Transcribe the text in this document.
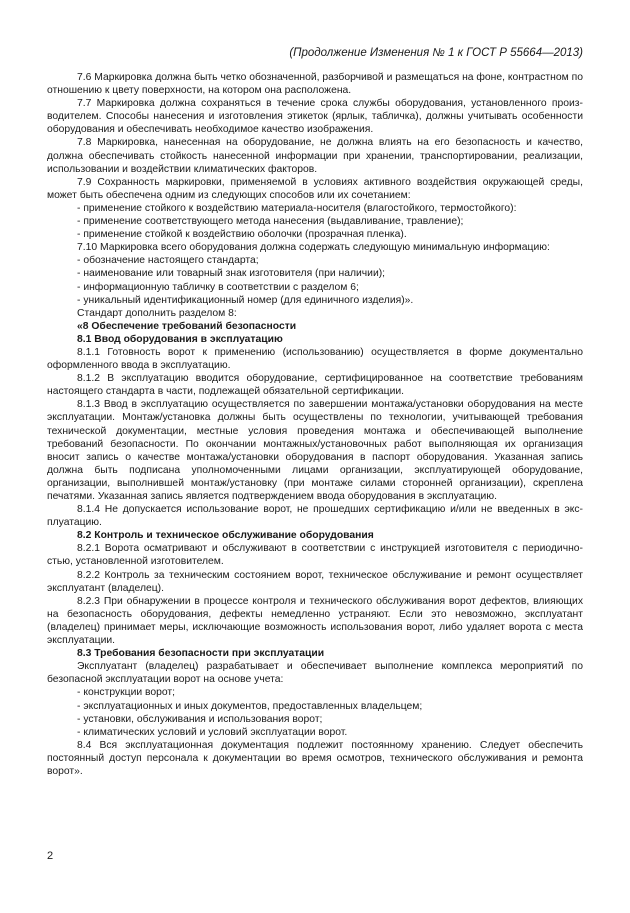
(Продолжение Изменения № 1 к ГОСТ Р 55664—2013)

7.6 Маркировка должна быть четко обозначенной, разборчивой и размещаться на фоне, контрастном по отношению к цвету поверхности, на котором она расположена.

7.7 Маркировка должна сохраняться в течение срока службы оборудования, установленного производителем. Способы нанесения и изготовления этикеток (ярлык, табличка), должны учитывать особенности оборудования и обеспечивать необходимое качество изображения.

7.8 Маркировка, нанесенная на оборудование, не должна влиять на его безопасность и качество, должна обеспечивать стойкость нанесенной информации при хранении, транспортировании, реализации, использовании и воздействии климатических факторов.

7.9 Сохранность маркировки, применяемой в условиях активного воздействия окружающей среды, может быть обеспечена одним из следующих способов или их сочетанием:

- применение стойкого к воздействию материала-носителя (влагостойкого, термостойкого):

- применение соответствующего метода нанесения (выдавливание, травление);

- применение стойкой к воздействию оболочки (прозрачная пленка).

7.10 Маркировка всего оборудования должна содержать следующую минимальную информацию:

- обозначение настоящего стандарта;

- наименование или товарный знак изготовителя (при наличии);

- информационную табличку в соответствии с разделом 6;

- уникальный идентификационный номер (для единичного изделия)».

Стандарт дополнить разделом 8:

«8 Обеспечение требований безопасности

8.1 Ввод оборудования в эксплуатацию

8.1.1 Готовность ворот к применению (использованию) осуществляется в форме документально оформленного ввода в эксплуатацию.

8.1.2 В эксплуатацию вводится оборудование, сертифицированное на соответствие требованиям настоящего стандарта в части, подлежащей обязательной сертификации.

8.1.3 Ввод в эксплуатацию осуществляется по завершении монтажа/установки оборудования на месте эксплуатации. Монтаж/установка должны быть осуществлены по технологии, учитывающей требования технической документации, местные условия проведения монтажа и обеспечивающей выполнение требований безопасности. По окончании монтажных/установочных работ выполняющая их организация вносит запись о качестве монтажа/установки оборудования в паспорт оборудования. Указанная запись должна быть подписана уполномоченными лицами организации, эксплуатирующей оборудование, организации, выполнившей монтаж/установку (при монтаже силами сторонней организации), скреплена печатями. Указанная запись является подтверждением ввода оборудования в эксплуатацию.

8.1.4 Не допускается использование ворот, не прошедших сертификацию и/или не введенных в эксплуатацию.

8.2 Контроль и техническое обслуживание оборудования

8.2.1 Ворота осматривают и обслуживают в соответствии с инструкцией изготовителя с периодичностью, установленной изготовителем.

8.2.2 Контроль за техническим состоянием ворот, техническое обслуживание и ремонт осуществляет эксплуатант (владелец).

8.2.3 При обнаружении в процессе контроля и технического обслуживания ворот дефектов, влияющих на безопасность оборудования, дефекты немедленно устраняют. Если это невозможно, эксплуатант (владелец) принимает меры, исключающие возможность использования ворот, либо удаляет ворота с места эксплуатации.

8.3 Требования безопасности при эксплуатации

Эксплуатант (владелец) разрабатывает и обеспечивает выполнение комплекса мероприятий по безопасной эксплуатации ворот на основе учета:

- конструкции ворот;

- эксплуатационных и иных документов, предоставленных владельцем;

- установки, обслуживания и использования ворот;

- климатических условий и условий эксплуатации ворот.

8.4 Вся эксплуатационная документация подлежит постоянному хранению. Следует обеспечить постоянный доступ персонала к документации во время осмотров, технического обслуживания и ремонта ворот».

2
